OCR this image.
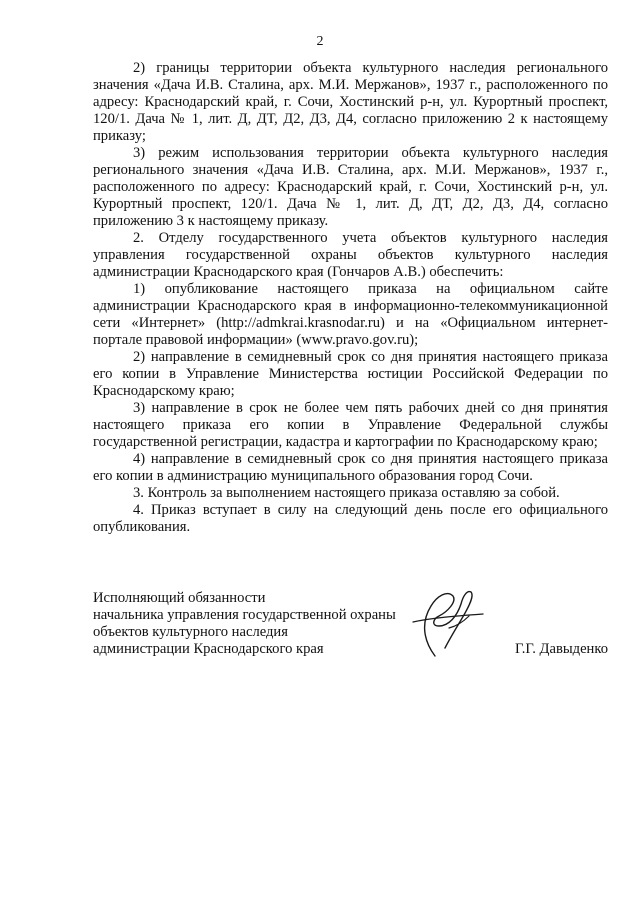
2

2) границы территории объекта культурного наследия регионального значения «Дача И.В. Сталина, арх. М.И. Мержанов», 1937 г., расположенного по адресу: Краснодарский край, г. Сочи, Хостинский р-н, ул. Курортный проспект, 120/1. Дача № 1, лит. Д, ДТ, Д2, Д3, Д4, согласно приложению 2 к настоящему приказу;

3) режим использования территории объекта культурного наследия регионального значения «Дача И.В. Сталина, арх. М.И. Мержанов», 1937 г., расположенного по адресу: Краснодарский край, г. Сочи, Хостинский р-н, ул. Курортный проспект, 120/1. Дача № 1, лит. Д, ДТ, Д2, Д3, Д4, согласно приложению 3 к настоящему приказу.

2. Отделу государственного учета объектов культурного наследия управления государственной охраны объектов культурного наследия администрации Краснодарского края (Гончаров А.В.) обеспечить:

1) опубликование настоящего приказа на официальном сайте администрации Краснодарского края в информационно-телекоммуникационной сети «Интернет» (http://admkrai.krasnodar.ru) и на «Официальном интернет-портале правовой информации» (www.pravo.gov.ru);

2) направление в семидневный срок со дня принятия настоящего приказа его копии в Управление Министерства юстиции Российской Федерации по Краснодарскому краю;

3) направление в срок не более чем пять рабочих дней со дня принятия настоящего приказа его копии в Управление Федеральной службы государственной регистрации, кадастра и картографии по Краснодарскому краю;

4) направление в семидневный срок со дня принятия настоящего приказа его копии в администрацию муниципального образования город Сочи.

3. Контроль за выполнением настоящего приказа оставляю за собой.

4. Приказ вступает в силу на следующий день после его официального опубликования.

Исполняющий обязанности
начальника управления государственной охраны
объектов культурного наследия
администрации Краснодарского края	Г.Г. Давыденко
